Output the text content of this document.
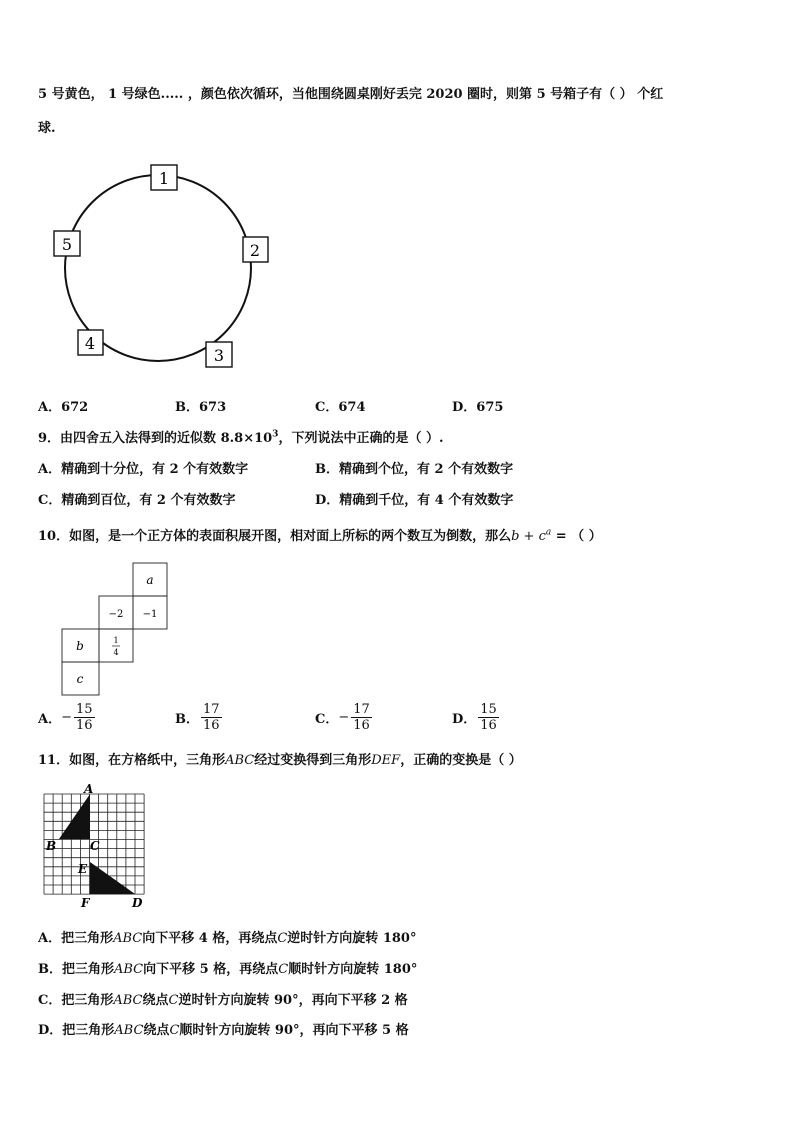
5 号黄色， 1 号绿色..... ，颜色依次循环，当他围绕圆桌刚好丢完 2020 圈时，则第 5 号箱子有（ ） 个红
球.
1
2
3
4
5
A．672	B．673	C．674	D．675
9．由四舍五入法得到的近似数 $8.8\times 10^3$，下列说法中正确的是（ ）.
A．精确到十分位，有 2 个有效数字	B．精确到个位，有 2 个有效数字
C．精确到百位，有 2 个有效数字	D．精确到千位，有 4 个有效数字
10．如图，是一个正方体的表面积展开图，相对面上所标的两个数互为倒数，那么$b + c^a$ = （ ）
a
−2 −1
b	1
4
c
A．− $\frac{15}{16}$	B． $\frac{17}{16}$	C．− $\frac{17}{16}$	D． $\frac{15}{16}$
11．如图，在方格纸中，三角形ABC经过变换得到三角形DEF，正确的变换是（ ）
A
B	C
E
F	D
A．把三角形ABC向下平移 4 格，再绕点C逆时针方向旋转 180°
B．把三角形ABC向下平移 5 格，再绕点C顺时针方向旋转 180°
C．把三角形ABC绕点C逆时针方向旋转 90°，再向下平移 2 格
D．把三角形ABC绕点C顺时针方向旋转 90°，再向下平移 5 格
